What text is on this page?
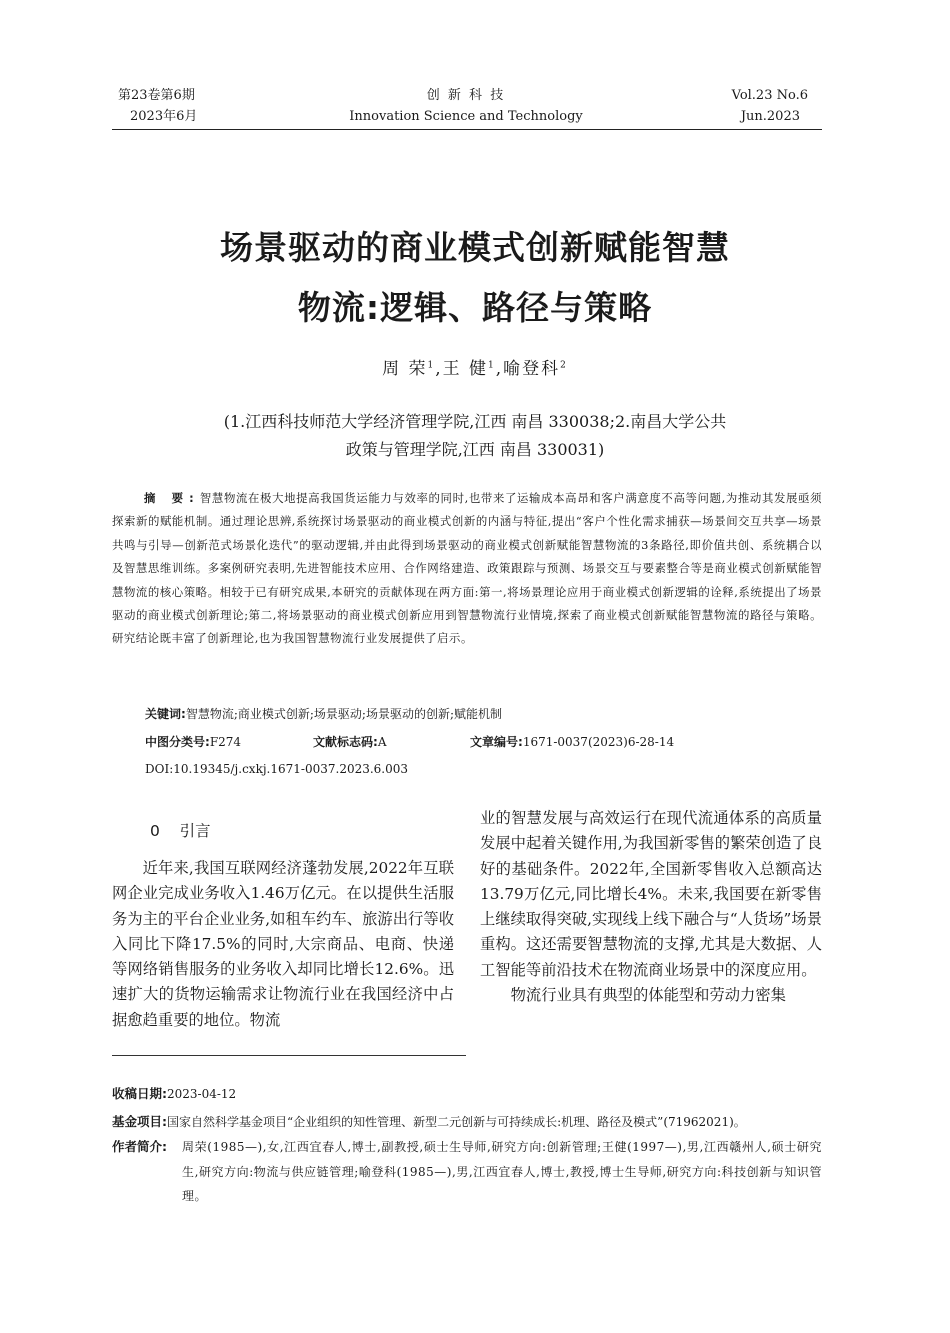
第23卷第6期
2023年6月
创 新 科 技
Innovation Science and Technology
Vol.23 No.6
Jun.2023
场景驱动的商业模式创新赋能智慧
物流:逻辑、路径与策略
周 荣$^1$,王 健$^1$,喻登科$^2$
(1.江西科技师范大学经济管理学院,江西 南昌 330038;2.南昌大学公共
政策与管理学院,江西 南昌 330031)
摘 要:智慧物流在极大地提高我国货运能力与效率的同时,也带来了运输成本高昂和客户满意度不高等问题,为推动其发展亟须探索新的赋能机制。通过理论思辨,系统探讨场景驱动的商业模式创新的内涵与特征,提出“客户个性化需求捕获—场景间交互共享—场景共鸣与引导—创新范式场景化迭代”的驱动逻辑,并由此得到场景驱动的商业模式创新赋能智慧物流的3条路径,即价值共创、系统耦合以及智慧思维训练。多案例研究表明,先进智能技术应用、合作网络建造、政策跟踪与预测、场景交互与要素整合等是商业模式创新赋能智慧物流的核心策略。相较于已有研究成果,本研究的贡献体现在两方面:第一,将场景理论应用于商业模式创新逻辑的诠释,系统提出了场景驱动的商业模式创新理论;第二,将场景驱动的商业模式创新应用到智慧物流行业情境,探索了商业模式创新赋能智慧物流的路径与策略。研究结论既丰富了创新理论,也为我国智慧物流行业发展提供了启示。
关键词:智慧物流;商业模式创新;场景驱动;场景驱动的创新;赋能机制
中图分类号:F274	文献标志码:A	文章编号:1671-0037(2023)6-28-14
DOI:10.19345/j.cxkj.1671-0037.2023.6.003
0 引言

近年来,我国互联网经济蓬勃发展,2022年互联网企业完成业务收入1.46万亿元。在以提供生活服务为主的平台企业业务,如租车约车、旅游出行等收入同比下降17.5%的同时,大宗商品、电商、快递等网络销售服务的业务收入却同比增长12.6%。迅速扩大的货物运输需求让物流行业在我国经济中占据愈趋重要的地位。物流

业的智慧发展与高效运行在现代流通体系的高质量发展中起着关键作用,为我国新零售的繁荣创造了良好的基础条件。2022年,全国新零售收入总额高达13.79万亿元,同比增长4%。未来,我国要在新零售上继续取得突破,实现线上线下融合与“人货场”场景重构。这还需要智慧物流的支撑,尤其是大数据、人工智能等前沿技术在物流商业场景中的深度应用。

物流行业具有典型的体能型和劳动力密集

收稿日期:2023-04-12
基金项目:国家自然科学基金项目“企业组织的知性管理、新型二元创新与可持续成长:机理、路径及模式”(71962021)。
作者简介: 周荣(1985—),女,江西宜春人,博士,副教授,硕士生导师,研究方向:创新管理;王健(1997—),男,江西赣州人,硕士研究生,研究方向:物流与供应链管理;喻登科(1985—),男,江西宜春人,博士,教授,博士生导师,研究方向:科技创新与知识管理。
